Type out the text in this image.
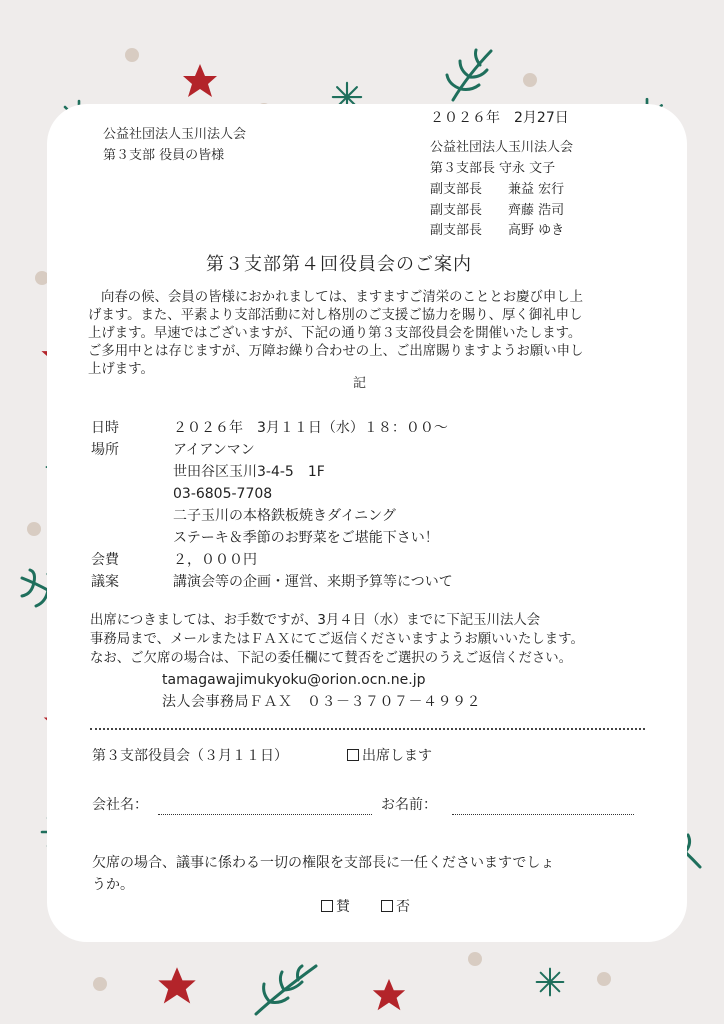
２０２６年　2月27日
公益社団法人玉川法人会
第３支部 役員の皆様
公益社団法人玉川法人会
第３支部長 守永 文子
副支部長 兼益 宏行
副支部長 齊藤 浩司
副支部長 高野 ゆき
第３支部第４回役員会のご案内
向春の候、会員の皆様におかれましては、ますますご清栄のこととお慶び申し上
げます。また、平素より支部活動に対し格別のご支援ご協力を賜り、厚く御礼申し
上げます。早速ではございますが、下記の通り第３支部役員会を開催いたします。
ご多用中とは存じますが、万障お繰り合わせの上、ご出席賜りますようお願い申し
上げます。
記
日時	２０２６年　3月１１日（水）１８：００～
場所	アイアンマン
世田谷区玉川3-4-5　1F
03-6805-7708
二子玉川の本格鉄板焼きダイニング
ステーキ＆季節のお野菜をご堪能下さい！
会費	２，０００円
議案	講演会等の企画・運営、来期予算等について
出席につきましては、お手数ですが、3月４日（水）までに下記玉川法人会
事務局まで、メールまたはＦＡＸにてご返信くださいますようお願いいたします。
なお、ご欠席の場合は、下記の委任欄にて賛否をご選択のうえご返信ください。
tamagawajimukyoku@orion.ocn.ne.jp
法人会事務局ＦＡＸ　０３－３７０７－４９９２
第３支部役員会（３月１１日）	出席します
会社名：	お名前：
欠席の場合、議事に係わる一切の権限を支部長に一任くださいますでしょ
うか。
賛	否
